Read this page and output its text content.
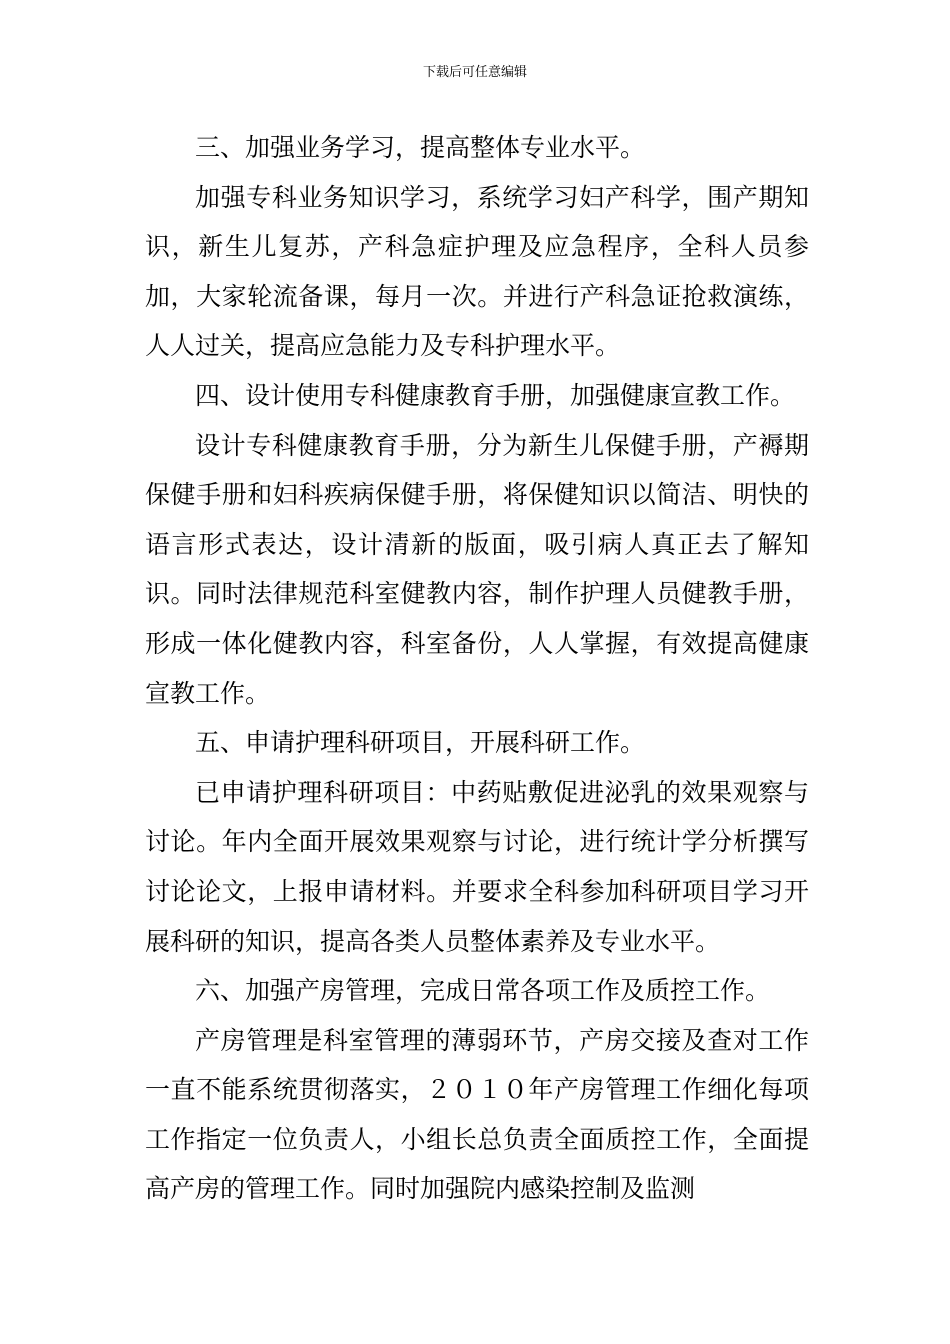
下载后可任意编辑

三、加强业务学习，提高整体专业水平。

加强专科业务知识学习，系统学习妇产科学，围产期知识，新生儿复苏，产科急症护理及应急程序，全科人员参加，大家轮流备课，每月一次。并进行产科急证抢救演练，人人过关，提高应急能力及专科护理水平。

四、设计使用专科健康教育手册，加强健康宣教工作。

设计专科健康教育手册，分为新生儿保健手册，产褥期保健手册和妇科疾病保健手册，将保健知识以简洁、明快的语言形式表达，设计清新的版面，吸引病人真正去了解知识。同时法律规范科室健教内容，制作护理人员健教手册，形成一体化健教内容，科室备份，人人掌握，有效提高健康宣教工作。

五、申请护理科研项目，开展科研工作。

已申请护理科研项目：中药贴敷促进泌乳的效果观察与讨论。年内全面开展效果观察与讨论，进行统计学分析撰写讨论论文，上报申请材料。并要求全科参加科研项目学习开展科研的知识，提高各类人员整体素养及专业水平。

六、加强产房管理，完成日常各项工作及质控工作。

产房管理是科室管理的薄弱环节，产房交接及查对工作一直不能系统贯彻落实，２０１０年产房管理工作细化每项工作指定一位负责人，小组长总负责全面质控工作，全面提高产房的管理工作。同时加强院内感染控制及监测
